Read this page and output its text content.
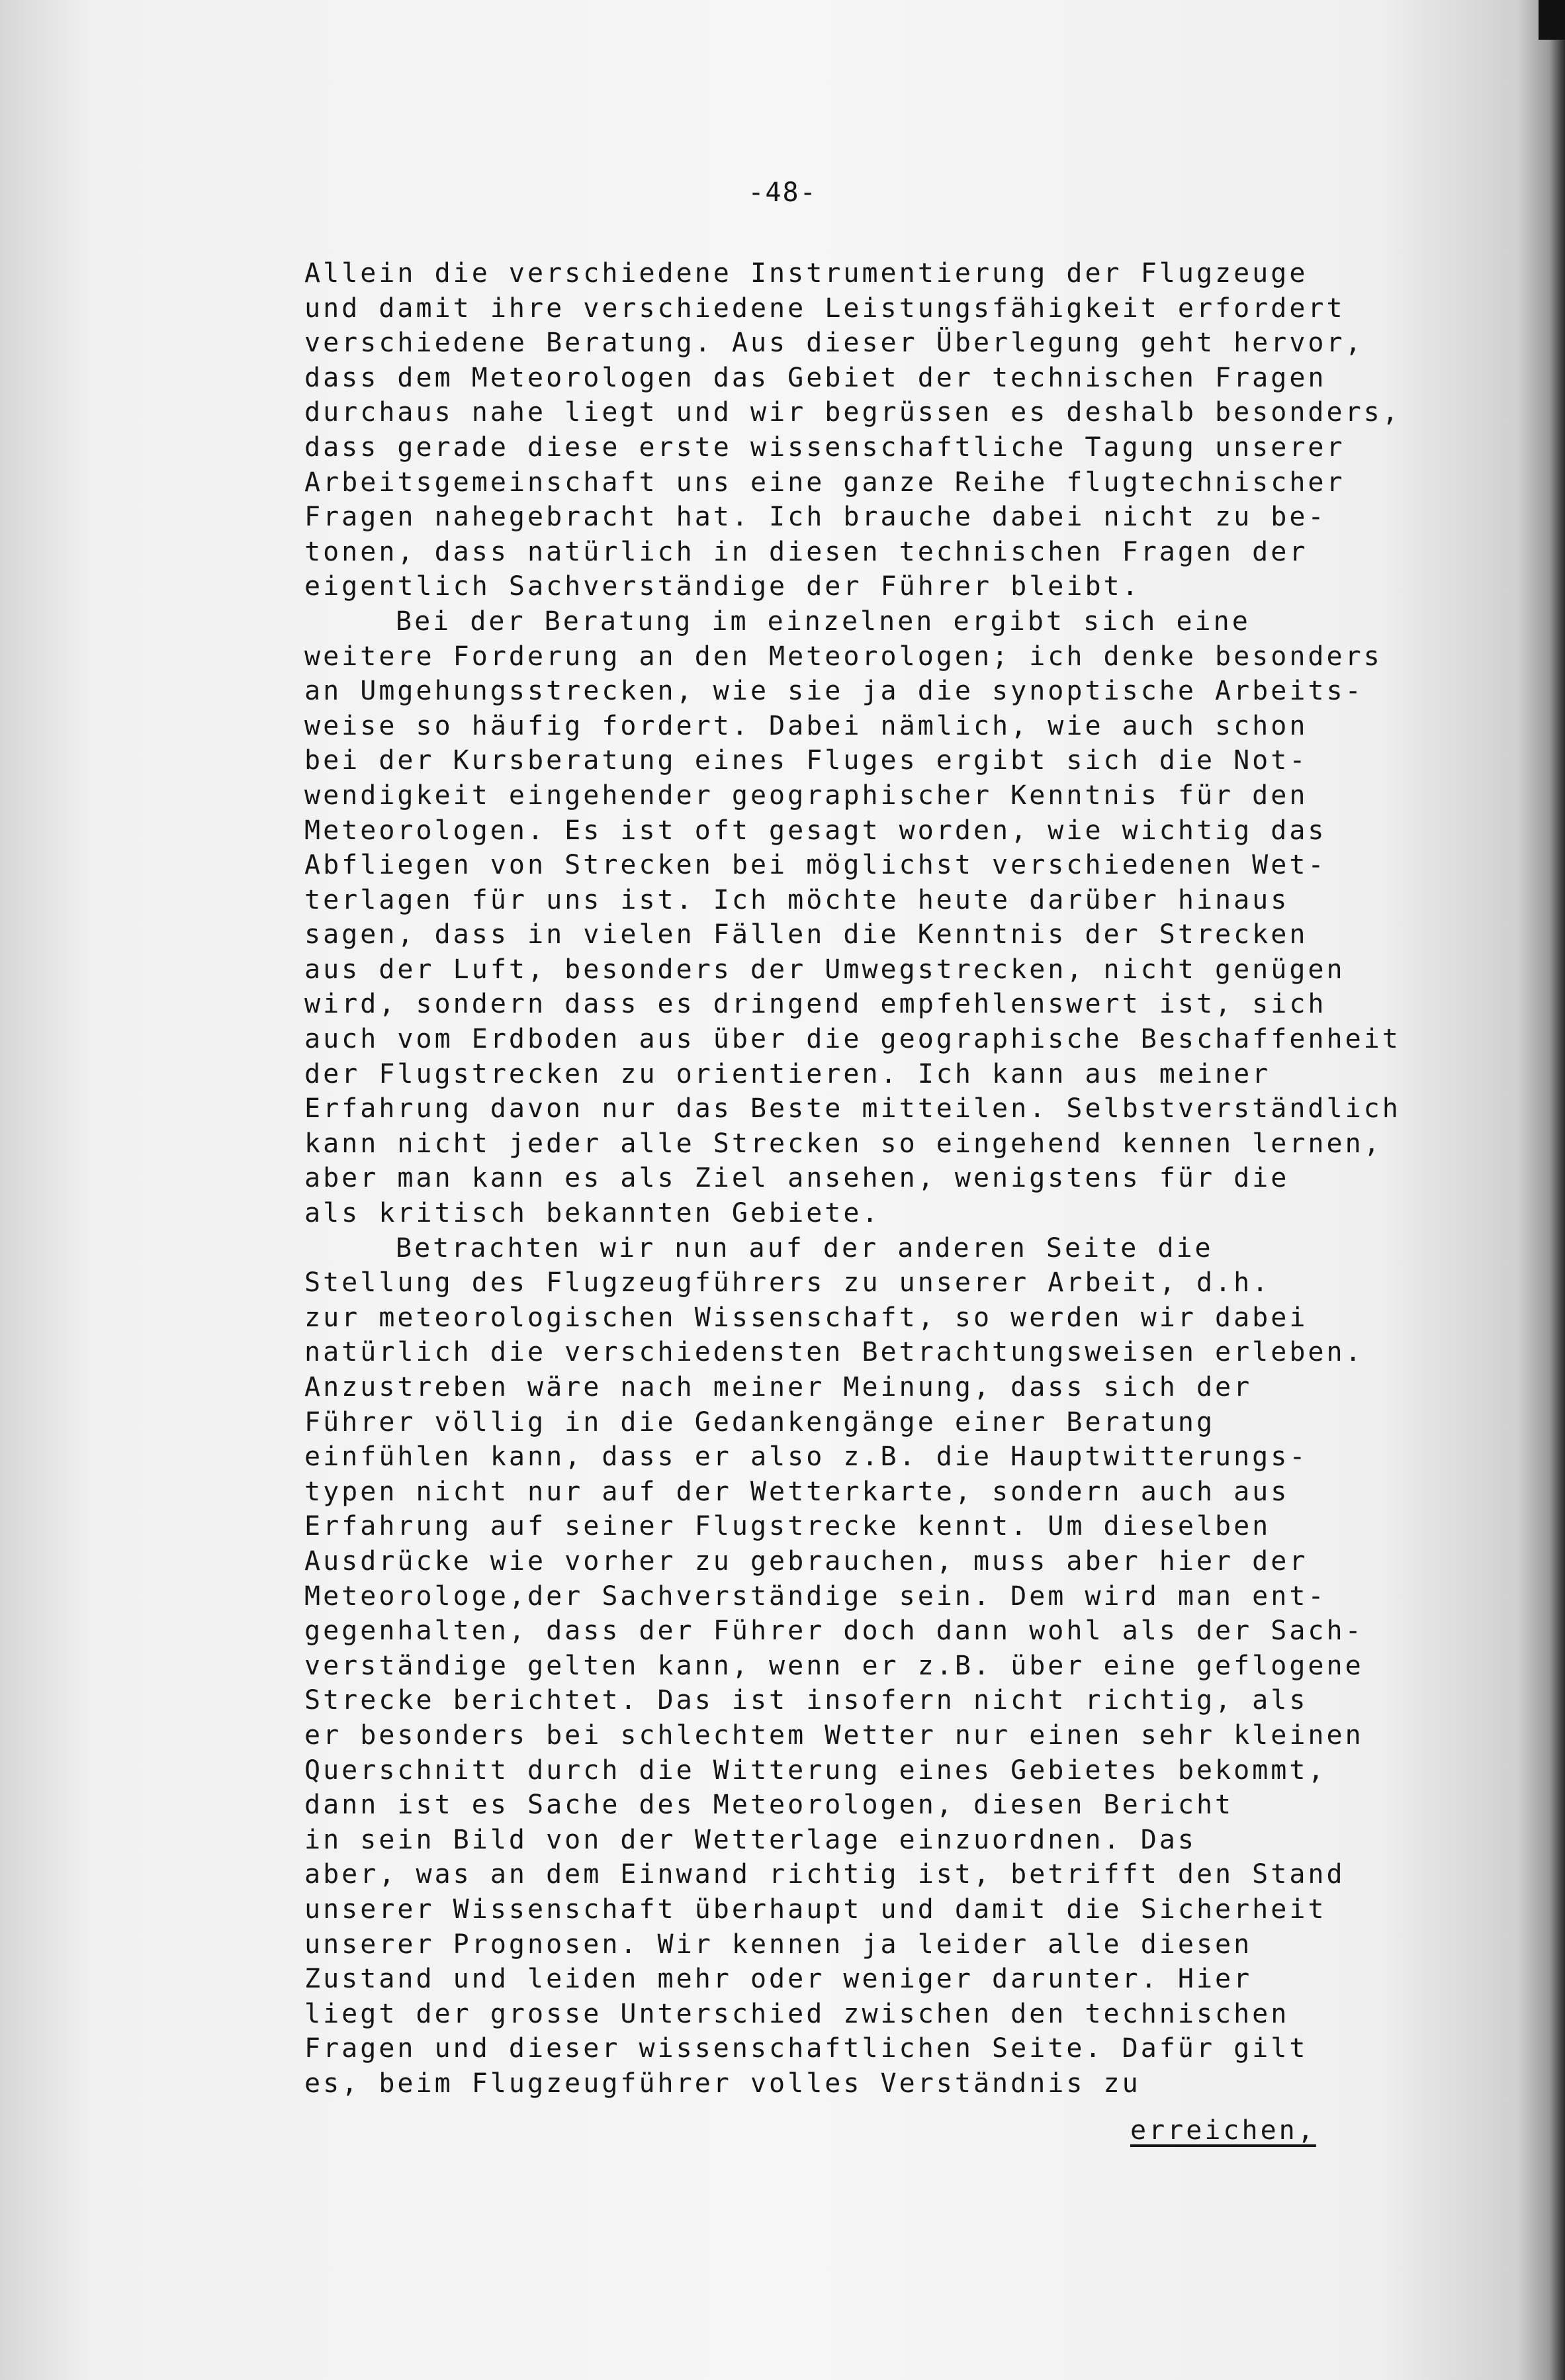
-48-
Allein die verschiedene Instrumentierung der Flugzeuge
und damit ihre verschiedene Leistungsfähigkeit erfordert
verschiedene Beratung. Aus dieser Überlegung geht hervor,
dass dem Meteorologen das Gebiet der technischen Fragen
durchaus nahe liegt und wir begrüssen es deshalb besonders,
dass gerade diese erste wissenschaftliche Tagung unserer
Arbeitsgemeinschaft uns eine ganze Reihe flugtechnischer
Fragen nahegebracht hat. Ich brauche dabei nicht zu be-
tonen, dass natürlich in diesen technischen Fragen der
eigentlich Sachverständige der Führer bleibt.
Bei der Beratung im einzelnen ergibt sich eine
weitere Forderung an den Meteorologen; ich denke besonders
an Umgehungsstrecken, wie sie ja die synoptische Arbeits-
weise so häufig fordert. Dabei nämlich, wie auch schon
bei der Kursberatung eines Fluges ergibt sich die Not-
wendigkeit eingehender geographischer Kenntnis für den
Meteorologen. Es ist oft gesagt worden, wie wichtig das
Abfliegen von Strecken bei möglichst verschiedenen Wet-
terlagen für uns ist. Ich möchte heute darüber hinaus
sagen, dass in vielen Fällen die Kenntnis der Strecken
aus der Luft, besonders der Umwegstrecken, nicht genügen
wird, sondern dass es dringend empfehlenswert ist, sich
auch vom Erdboden aus über die geographische Beschaffenheit
der Flugstrecken zu orientieren. Ich kann aus meiner
Erfahrung davon nur das Beste mitteilen. Selbstverständlich
kann nicht jeder alle Strecken so eingehend kennen lernen,
aber man kann es als Ziel ansehen, wenigstens für die
als kritisch bekannten Gebiete.
Betrachten wir nun auf der anderen Seite die
Stellung des Flugzeugführers zu unserer Arbeit, d.h.
zur meteorologischen Wissenschaft, so werden wir dabei
natürlich die verschiedensten Betrachtungsweisen erleben.
Anzustreben wäre nach meiner Meinung, dass sich der
Führer völlig in die Gedankengänge einer Beratung
einfühlen kann, dass er also z.B. die Hauptwitterungs-
typen nicht nur auf der Wetterkarte, sondern auch aus
Erfahrung auf seiner Flugstrecke kennt. Um dieselben
Ausdrücke wie vorher zu gebrauchen, muss aber hier der
Meteorologe,der Sachverständige sein. Dem wird man ent-
gegenhalten, dass der Führer doch dann wohl als der Sach-
verständige gelten kann, wenn er z.B. über eine geflogene
Strecke berichtet. Das ist insofern nicht richtig, als
er besonders bei schlechtem Wetter nur einen sehr kleinen
Querschnitt durch die Witterung eines Gebietes bekommt,
dann ist es Sache des Meteorologen, diesen Bericht
in sein Bild von der Wetterlage einzuordnen. Das
aber, was an dem Einwand richtig ist, betrifft den Stand
unserer Wissenschaft überhaupt und damit die Sicherheit
unserer Prognosen. Wir kennen ja leider alle diesen
Zustand und leiden mehr oder weniger darunter. Hier
liegt der grosse Unterschied zwischen den technischen
Fragen und dieser wissenschaftlichen Seite. Dafür gilt
es, beim Flugzeugführer volles Verständnis zu
erreichen,
